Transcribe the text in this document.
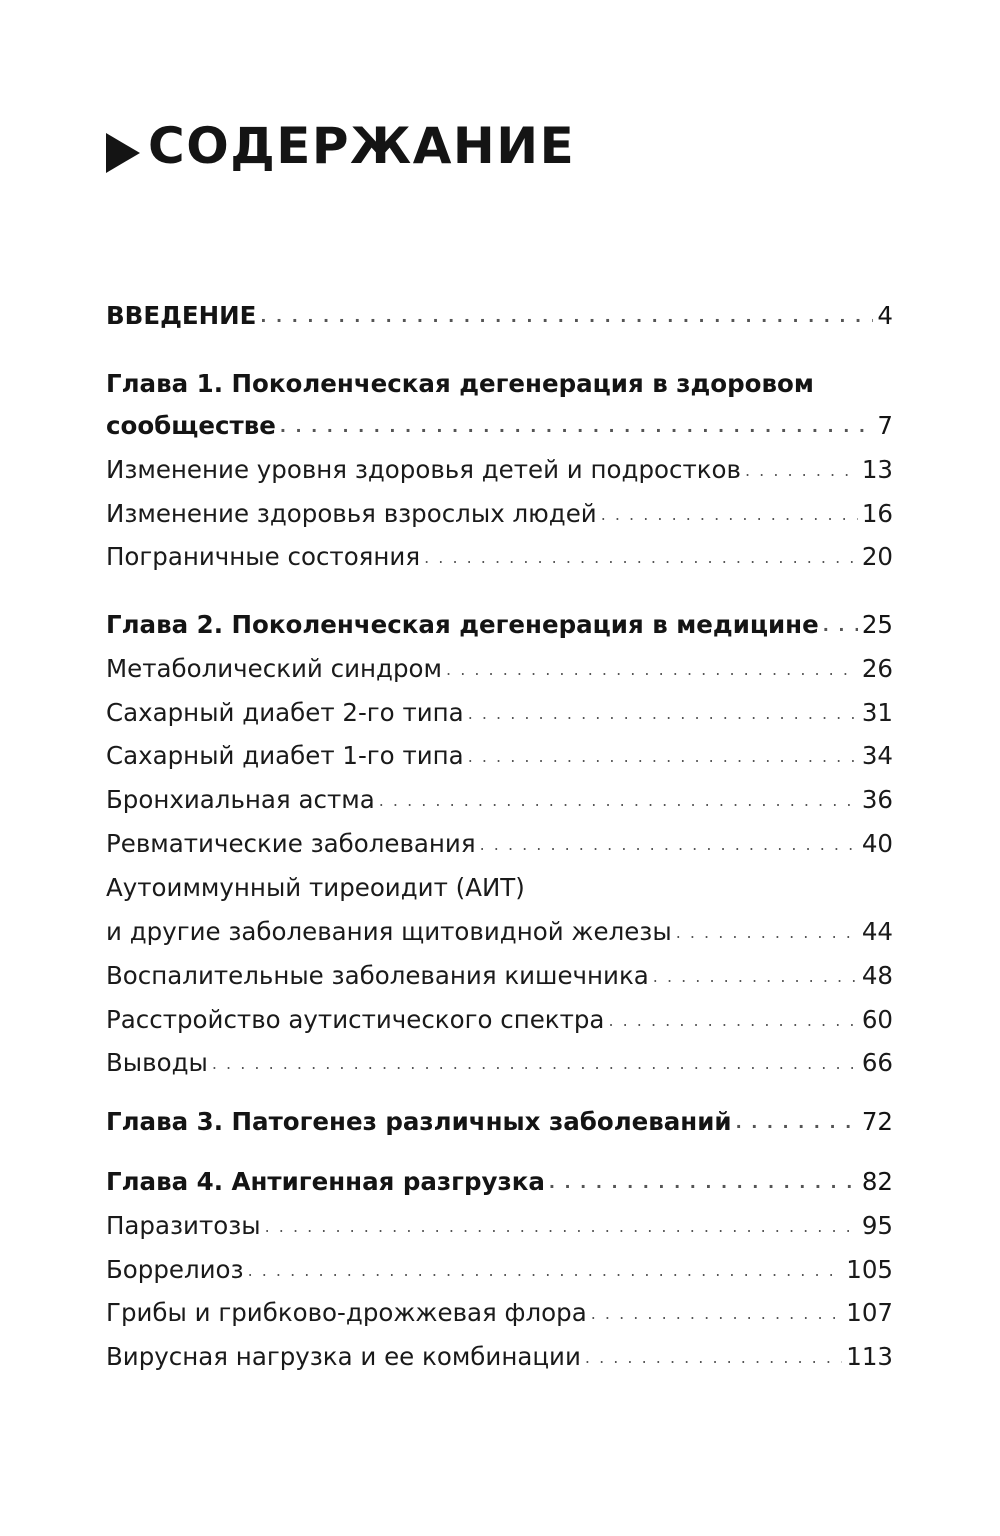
СОДЕРЖАНИЕ
ВВЕДЕНИЕ . . .	4
Глава 1. Поколенческая дегенерация в здоровом
сообществе . . .	7
Изменение уровня здоровья детей и подростков . . .	13
Изменение здоровья взрослых людей . . .	16
Пограничные состояния . . .	20
Глава 2. Поколенческая дегенерация в медицине . . . 25
Метаболический синдром . . .	26
Сахарный диабет 2-го типа . . .	31
Сахарный диабет 1-го типа . . .	34
Бронхиальная астма . . .	36
Ревматические заболевания . . .	40
Аутоиммунный тиреоидит (АИТ)
и другие заболевания щитовидной железы . . .	44
Воспалительные заболевания кишечника . . .	48
Расстройство аутистического спектра . . .	60
Выводы . . .	66
Глава 3. Патогенез различных заболеваний . . .	72
Глава 4. Антигенная разгрузка . . .	82
Паразитозы . . .	95
Боррелиоз . . .	105
Грибы и грибково-дрожжевая флора . . .	107
Вирусная нагрузка и ее комбинации . . .	113
